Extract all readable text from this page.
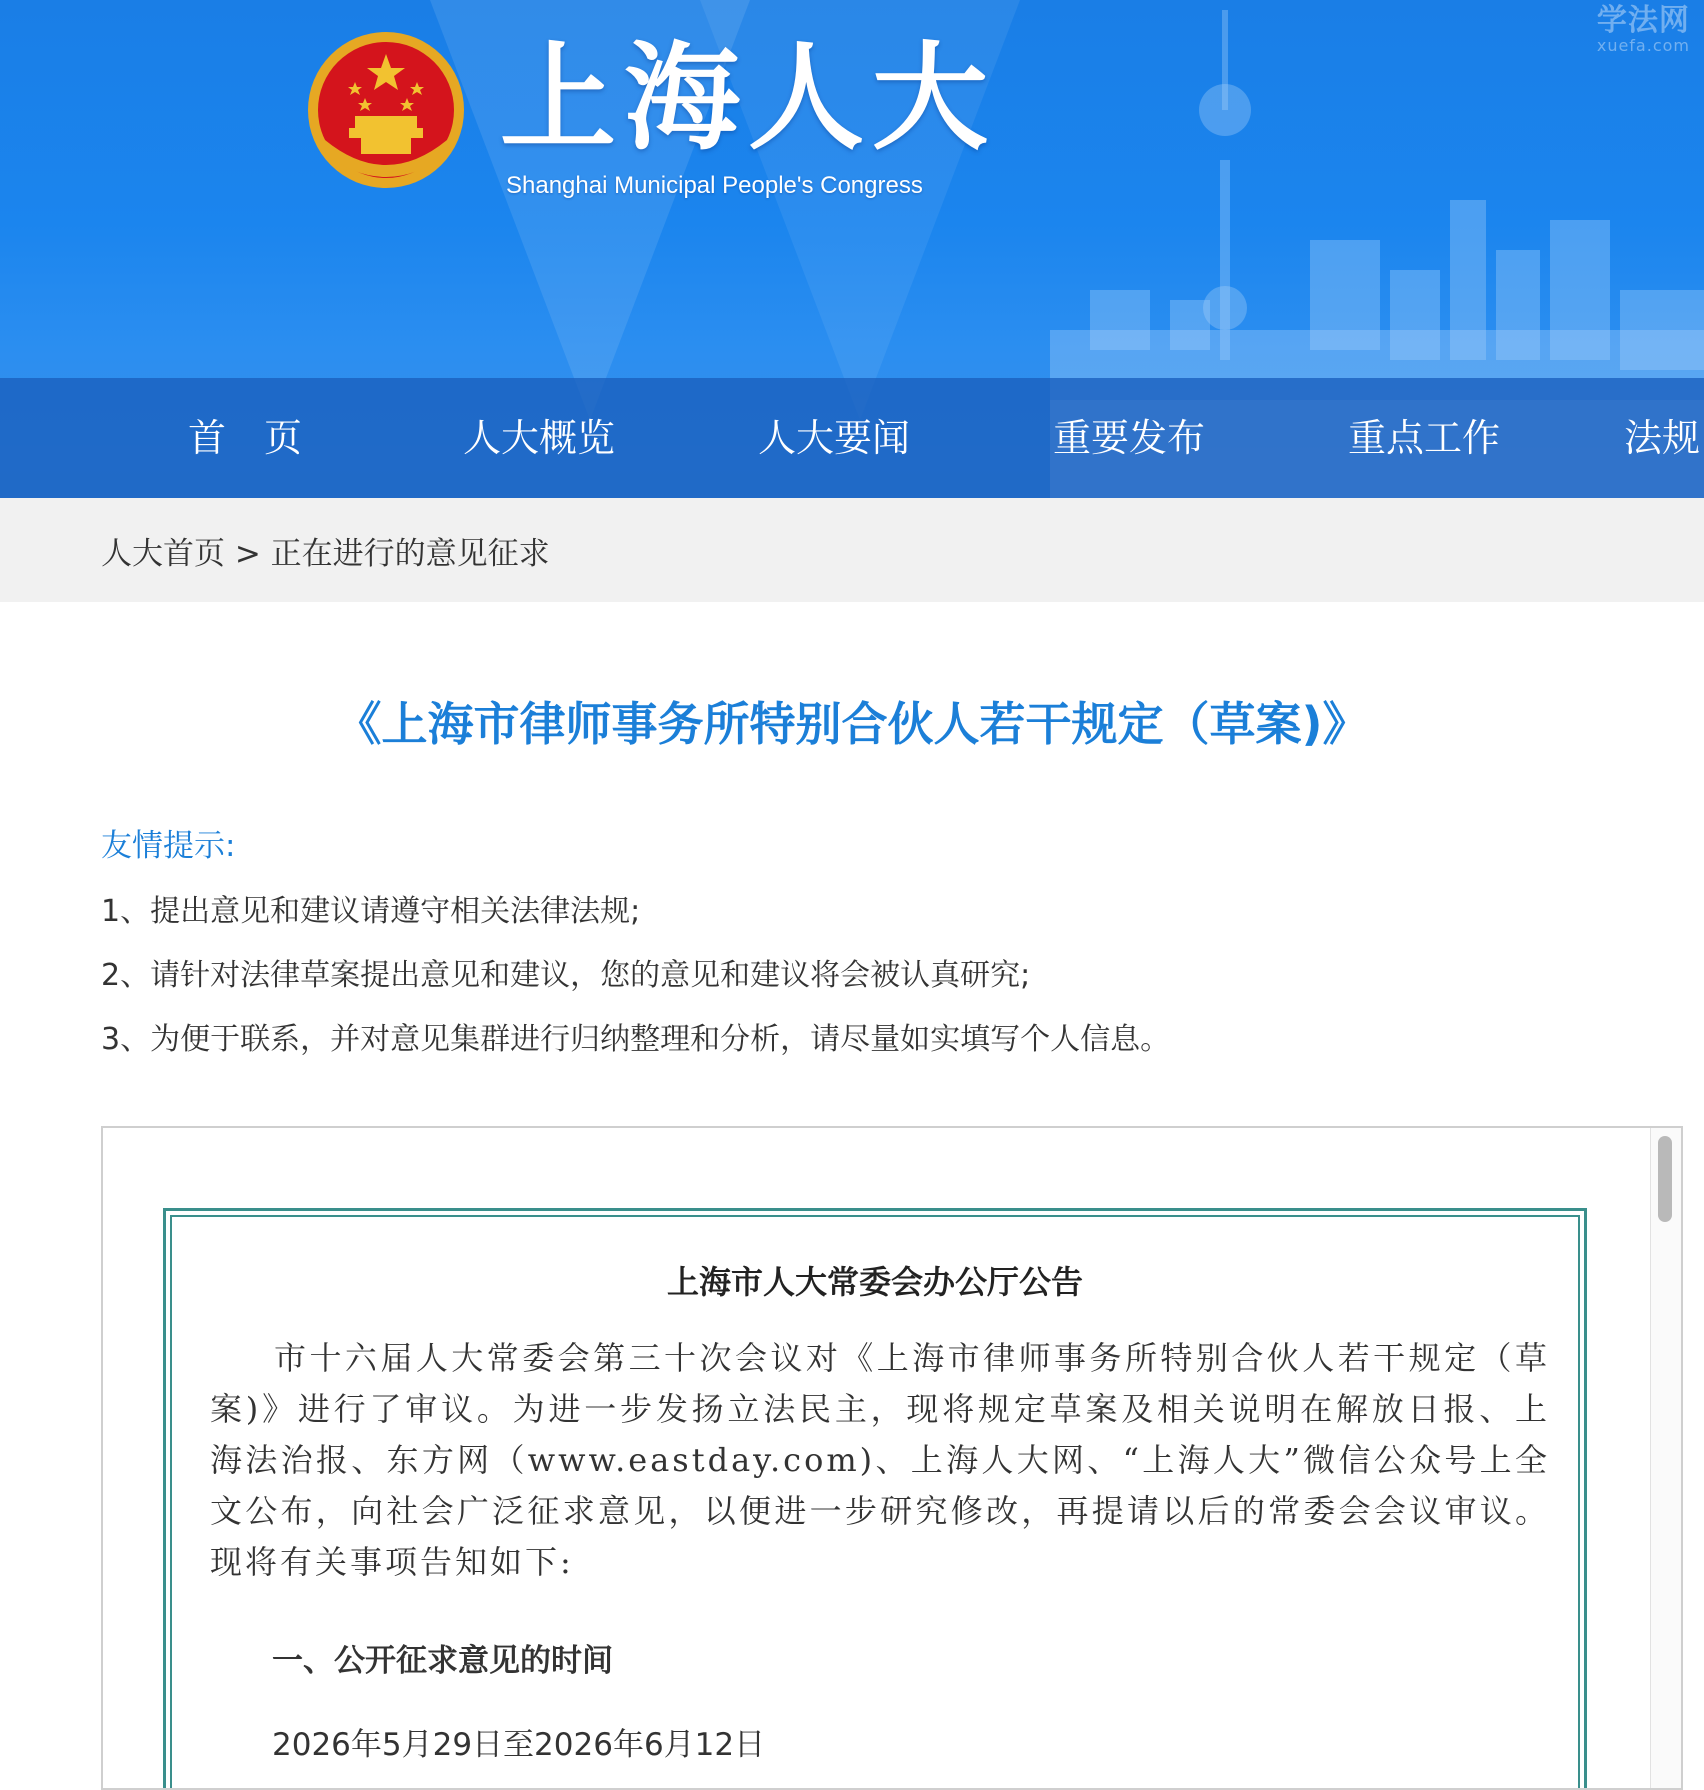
学法网
xuefa.com
上海人大
Shanghai Municipal People's Congress
首　页	人大概览	人大要闻	重要发布	重点工作	法规
人大首页 > 正在进行的意见征求
《上海市律师事务所特别合伙人若干规定（草案)》
友情提示:
1、提出意见和建议请遵守相关法律法规;
2、请针对法律草案提出意见和建议，您的意见和建议将会被认真研究;
3、为便于联系，并对意见集群进行归纳整理和分析，请尽量如实填写个人信息。
上海市人大常委会办公厅公告
市十六届人大常委会第三十次会议对《上海市律师事务所特别合伙人若干规定（草案)》进行了审议。为进一步发扬立法民主，现将规定草案及相关说明在解放日报、上海法治报、东方网（www.eastday.com)、上海人大网、“上海人大”微信公众号上全文公布，向社会广泛征求意见，以便进一步研究修改，再提请以后的常委会会议审议。现将有关事项告知如下:
一、公开征求意见的时间
2026年5月29日至2026年6月12日
